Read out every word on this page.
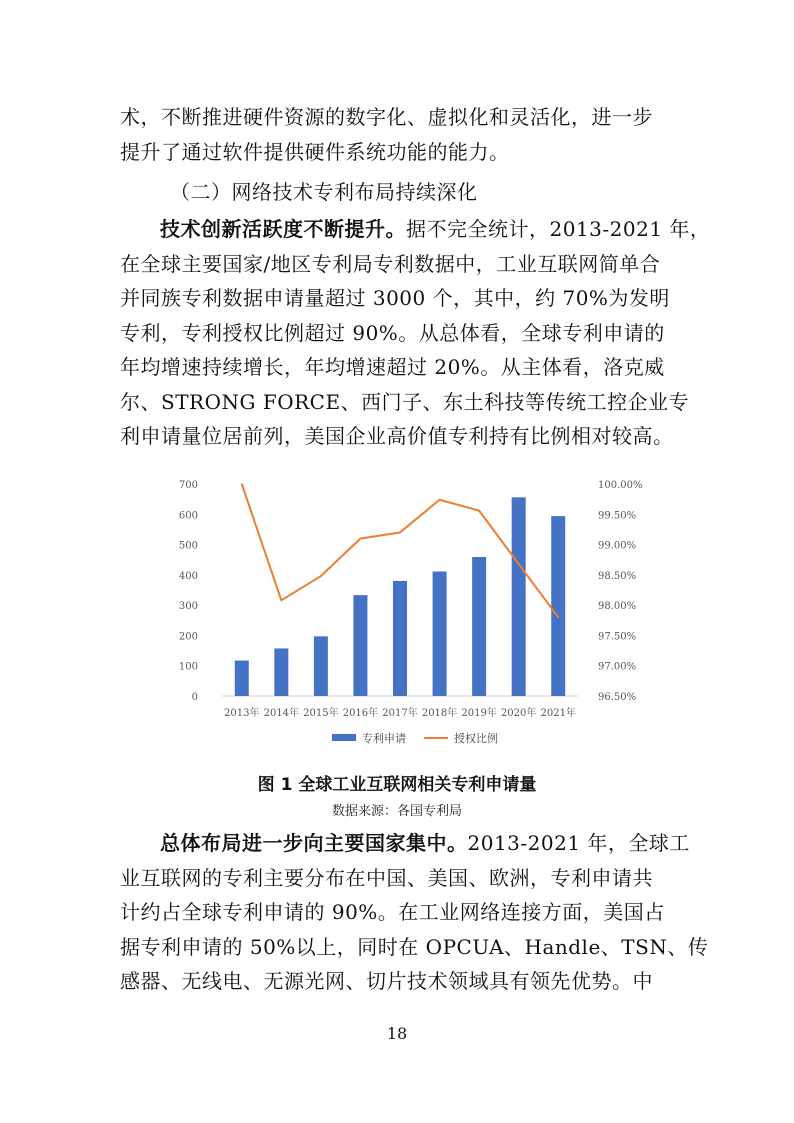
术，不断推进硬件资源的数字化、虚拟化和灵活化，进一步
提升了通过软件提供硬件系统功能的能力。
（二）网络技术专利布局持续深化
技术创新活跃度不断提升。据不完全统计，2013-2021 年，
在全球主要国家/地区专利局专利数据中，工业互联网简单合
并同族专利数据申请量超过 3000 个，其中，约 70%为发明
专利，专利授权比例超过 90%。从总体看，全球专利申请的
年均增速持续增长，年均增速超过 20%。从主体看，洛克威
尔、STRONG FORCE、西门子、东土科技等传统工控企业专
利申请量位居前列，美国企业高价值专利持有比例相对较高。
0
100
200
300
400
500
600
700
96.50%
97.00%
97.50%
98.00%
98.50%
99.00%
99.50%
100.00%
2013年 2014年 2015年 2016年 2017年 2018年 2019年 2020年 2021年
专利申请	授权比例
图 1 全球工业互联网相关专利申请量
数据来源：各国专利局
总体布局进一步向主要国家集中。2013-2021 年，全球工
业互联网的专利主要分布在中国、美国、欧洲，专利申请共
计约占全球专利申请的 90%。在工业网络连接方面，美国占
据专利申请的 50%以上，同时在 OPCUA、Handle、TSN、传
感器、无线电、无源光网、切片技术领域具有领先优势。中
18
